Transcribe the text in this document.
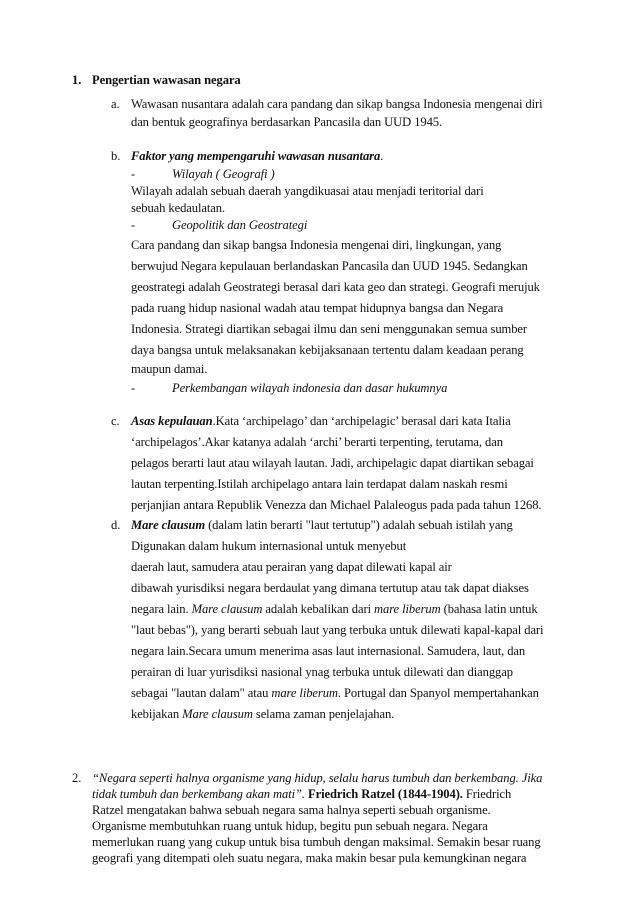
1. Pengertian wawasan negara
a. Wawasan nusantara adalah cara pandang dan sikap bangsa Indonesia mengenai diri
dan bentuk geografinya berdasarkan Pancasila dan UUD 1945.
b. Faktor yang mempengaruhi wawasan nusantara.
-	Wilayah ( Geografi )
Wilayah adalah sebuah daerah yangdikuasai atau menjadi teritorial dari
sebuah kedaulatan.
-	Geopolitik dan Geostrategi
Cara pandang dan sikap bangsa Indonesia mengenai diri, lingkungan, yang
berwujud Negara kepulauan berlandaskan Pancasila dan UUD 1945. Sedangkan
geostrategi adalah Geostrategi berasal dari kata geo dan strategi. Geografi merujuk
pada ruang hidup nasional wadah atau tempat hidupnya bangsa dan Negara
Indonesia. Strategi diartikan sebagai ilmu dan seni menggunakan semua sumber
daya bangsa untuk melaksanakan kebijaksanaan tertentu dalam keadaan perang
maupun damai.
-	Perkembangan wilayah indonesia dan dasar hukumnya
c. Asas kepulauan.Kata ‘archipelago’ dan ‘archipelagic’ berasal dari kata Italia
‘archipelagos’.Akar katanya adalah ‘archi’ berarti terpenting, terutama, dan
pelagos berarti laut atau wilayah lautan. Jadi, archipelagic dapat diartikan sebagai
lautan terpenting.Istilah archipelago antara lain terdapat dalam naskah resmi
perjanjian antara Republik Venezza dan Michael Palaleogus pada pada tahun 1268.
d. Mare clausum (dalam latin berarti "laut tertutup") adalah sebuah istilah yang
Digunakan dalam hukum internasional untuk menyebut
daerah laut, samudera atau perairan yang dapat dilewati kapal air
dibawah yurisdiksi negara berdaulat yang dimana tertutup atau tak dapat diakses
negara lain. Mare clausum adalah kebalikan dari mare liberum (bahasa latin untuk
"laut bebas"), yang berarti sebuah laut yang terbuka untuk dilewati kapal-kapal dari
negara lain.Secara umum menerima asas laut internasional. Samudera, laut, dan
perairan di luar yurisdiksi nasional ynag terbuka untuk dilewati dan dianggap
sebagai "lautan dalam" atau mare liberum. Portugal dan Spanyol mempertahankan
kebijakan Mare clausum selama zaman penjelajahan.
2. “Negara seperti halnya organisme yang hidup, selalu harus tumbuh dan berkembang. Jika
tidak tumbuh dan berkembang akan mati”. Friedrich Ratzel (1844-1904). Friedrich
Ratzel mengatakan bahwa sebuah negara sama halnya seperti sebuah organisme.
Organisme membutuhkan ruang untuk hidup, begitu pun sebuah negara. Negara
memerlukan ruang yang cukup untuk bisa tumbuh dengan maksimal. Semakin besar ruang
geografi yang ditempati oleh suatu negara, maka makin besar pula kemungkinan negara
